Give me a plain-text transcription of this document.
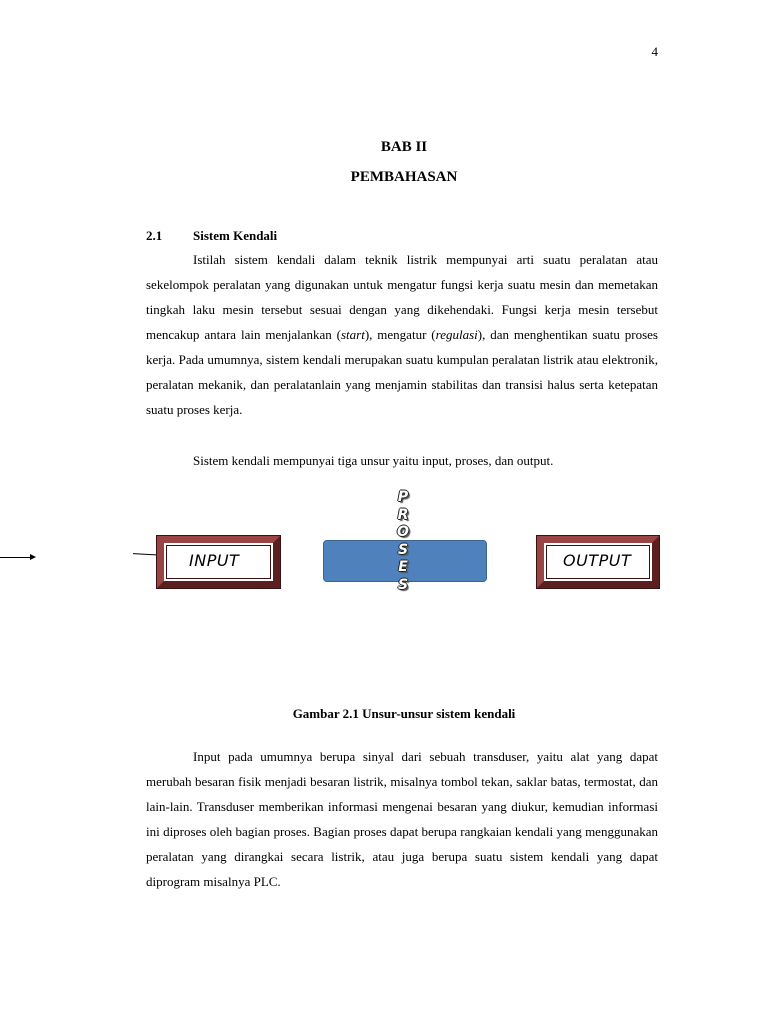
4
BAB II
PEMBAHASAN
2.1 Sistem Kendali

Istilah sistem kendali dalam teknik listrik mempunyai arti suatu peralatan atau sekelompok peralatan yang digunakan untuk mengatur fungsi kerja suatu mesin dan memetakan tingkah laku mesin tersebut sesuai dengan yang dikehendaki. Fungsi kerja mesin tersebut mencakup antara lain menjalankan (start), mengatur (regulasi), dan menghentikan suatu proses kerja. Pada umumnya, sistem kendali merupakan suatu kumpulan peralatan listrik atau elektronik, peralatan mekanik, dan peralatanlain yang menjamin stabilitas dan transisi halus serta ketepatan suatu proses kerja.

Sistem kendali mempunyai tiga unsur yaitu input, proses, dan output.

INPUT
P
R
O
S
E
S
OUTPUT
Gambar 2.1 Unsur-unsur sistem kendali

Input pada umumnya berupa sinyal dari sebuah transduser, yaitu alat yang dapat merubah besaran fisik menjadi besaran listrik, misalnya tombol tekan, saklar batas, termostat, dan lain-lain. Transduser memberikan informasi mengenai besaran yang diukur, kemudian informasi ini diproses oleh bagian proses. Bagian proses dapat berupa rangkaian kendali yang menggunakan peralatan yang dirangkai secara listrik, atau juga berupa suatu sistem kendali yang dapat diprogram misalnya PLC.
